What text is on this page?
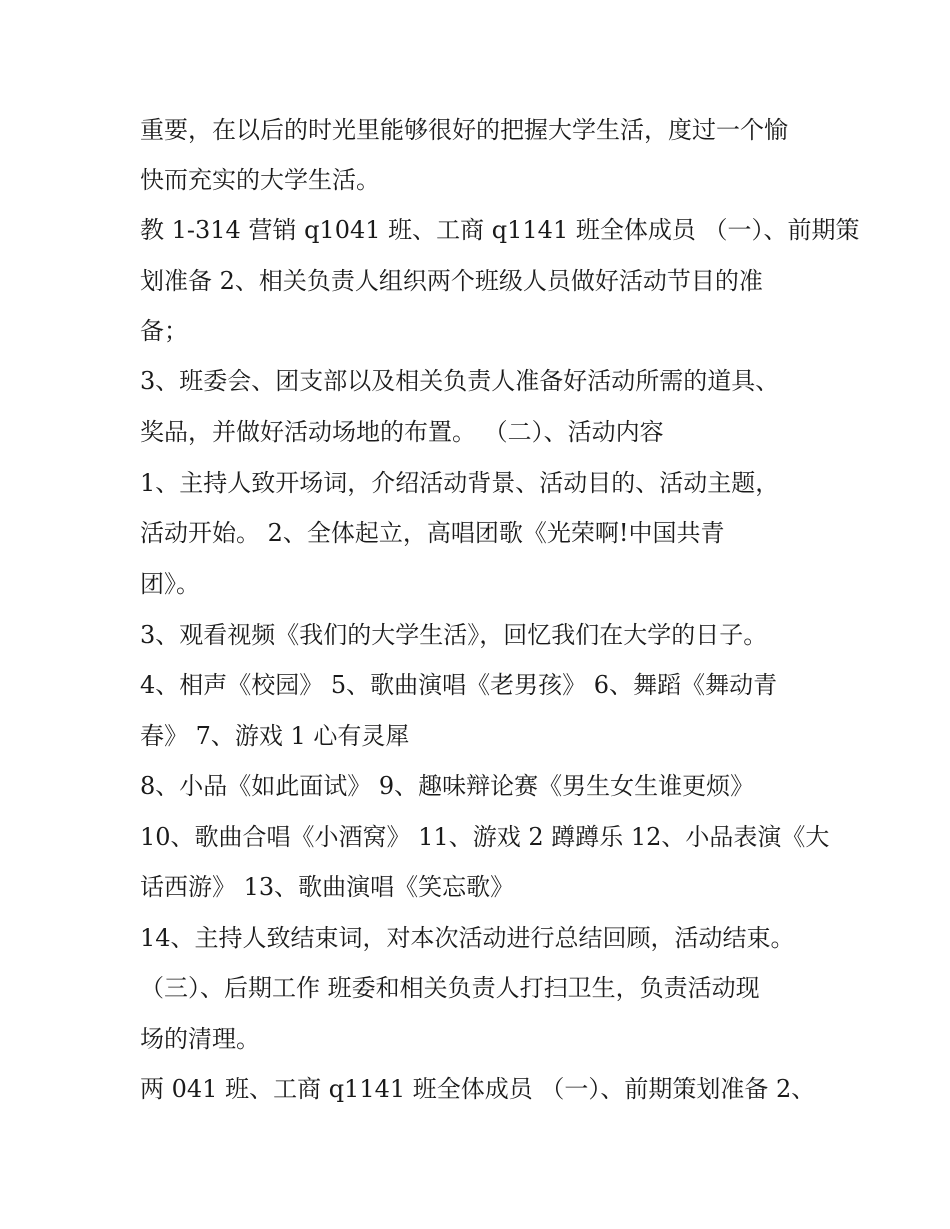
重要，在以后的时光里能够很好的把握大学生活，度过一个愉
快而充实的大学生活。
教 1-314 营销 q1041 班、工商 q1141 班全体成员 （一）、前期策
划准备 2、相关负责人组织两个班级人员做好活动节目的准
备；
3、班委会、团支部以及相关负责人准备好活动所需的道具、
奖品，并做好活动场地的布置。 （二）、活动内容
1、主持人致开场词，介绍活动背景、活动目的、活动主题，
活动开始。 2、全体起立，高唱团歌《光荣啊!中国共青
团》。
3、观看视频《我们的大学生活》，回忆我们在大学的日子。
4、相声《校园》 5、歌曲演唱《老男孩》 6、舞蹈《舞动青
春》 7、游戏 1 心有灵犀
8、小品《如此面试》 9、趣味辩论赛《男生女生谁更烦》
10、歌曲合唱《小酒窝》 11、游戏 2 蹲蹲乐 12、小品表演《大
话西游》 13、歌曲演唱《笑忘歌》
14、主持人致结束词，对本次活动进行总结回顾，活动结束。
（三）、后期工作 班委和相关负责人打扫卫生，负责活动现
场的清理。
两 041 班、工商 q1141 班全体成员 （一）、前期策划准备 2、
